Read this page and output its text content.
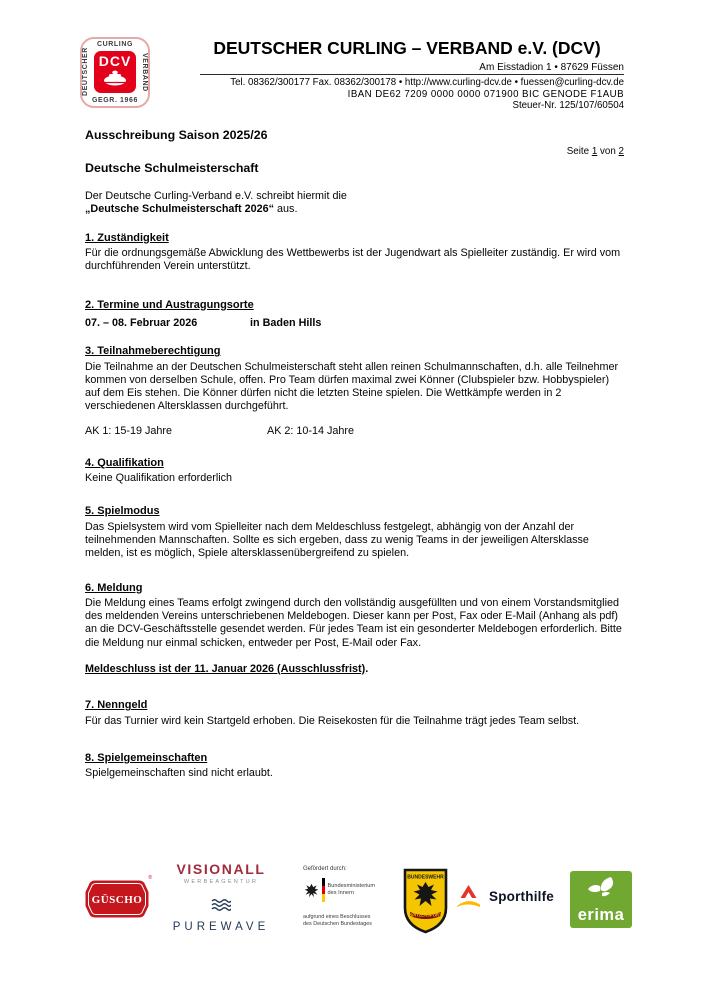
CURLING
DEUTSCHER	VERBAND
GEGR. 1966
DCV
DEUTSCHER CURLING – VERBAND e.V. (DCV)
Am Eisstadion 1 • 87629 Füssen
Tel. 08362/300177 Fax. 08362/300178 • http://www.curling-dcv.de • fuessen@curling-dcv.de
IBAN DE62 7209 0000 0000 071900 BIC GENODE F1AUB
Steuer-Nr. 125/107/60504
Ausschreibung Saison 2025/26
Seite 1 von 2
Deutsche Schulmeisterschaft

Der Deutsche Curling-Verband e.V. schreibt hiermit die
„Deutsche Schulmeisterschaft 2026“ aus.

1. Zuständigkeit

Für die ordnungsgemäße Abwicklung des Wettbewerbs ist der Jugendwart als Spielleiter zuständig. Er wird vom durchführenden Verein unterstützt.

2. Termine und Austragungsorte

07. – 08. Februar 2026	in Baden Hills

3. Teilnahmeberechtigung

Die Teilnahme an der Deutschen Schulmeisterschaft steht allen reinen Schulmannschaften, d.h. alle Teilnehmer kommen von derselben Schule, offen. Pro Team dürfen maximal zwei Könner (Clubspieler bzw. Hobbyspieler) auf dem Eis stehen. Die Könner dürfen nicht die letzten Steine spielen. Die Wettkämpfe werden in 2 verschiedenen Altersklassen durchgeführt.

AK 1: 15-19 Jahre	AK 2: 10-14 Jahre

4. Qualifikation

Keine Qualifikation erforderlich

5. Spielmodus

Das Spielsystem wird vom Spielleiter nach dem Meldeschluss festgelegt, abhängig von der Anzahl der teilnehmenden Mannschaften. Sollte es sich ergeben, dass zu wenig Teams in der jeweiligen Altersklasse melden, ist es möglich, Spiele altersklassenübergreifend zu spielen.

6. Meldung

Die Meldung eines Teams erfolgt zwingend durch den vollständig ausgefüllten und von einem Vorstandsmitglied des meldenden Vereins unterschriebenen Meldebogen. Dieser kann per Post, Fax oder E-Mail (Anhang als pdf) an die DCV-Geschäftsstelle gesendet werden. Für jedes Team ist ein gesonderter Meldebogen erforderlich. Bitte die Meldung nur einmal schicken, entweder per Post, E-Mail oder Fax.

Meldeschluss ist der 11. Januar 2026 (Ausschlussfrist).

7. Nenngeld

Für das Turnier wird kein Startgeld erhoben. Die Reisekosten für die Teilnahme trägt jedes Team selbst.

8. Spielgemeinschaften

Spielgemeinschaften sind nicht erlaubt.

GÜSCHO
®
VISIONALL
WERBEAGENTUR
PUREWAVE
Gefördert durch:
Bundesministerium
des Innern
aufgrund eines Beschlusses
des Deutschen Bundestages
BUNDESWEHR
SPITZENSPORT
Sporthilfe
erima
